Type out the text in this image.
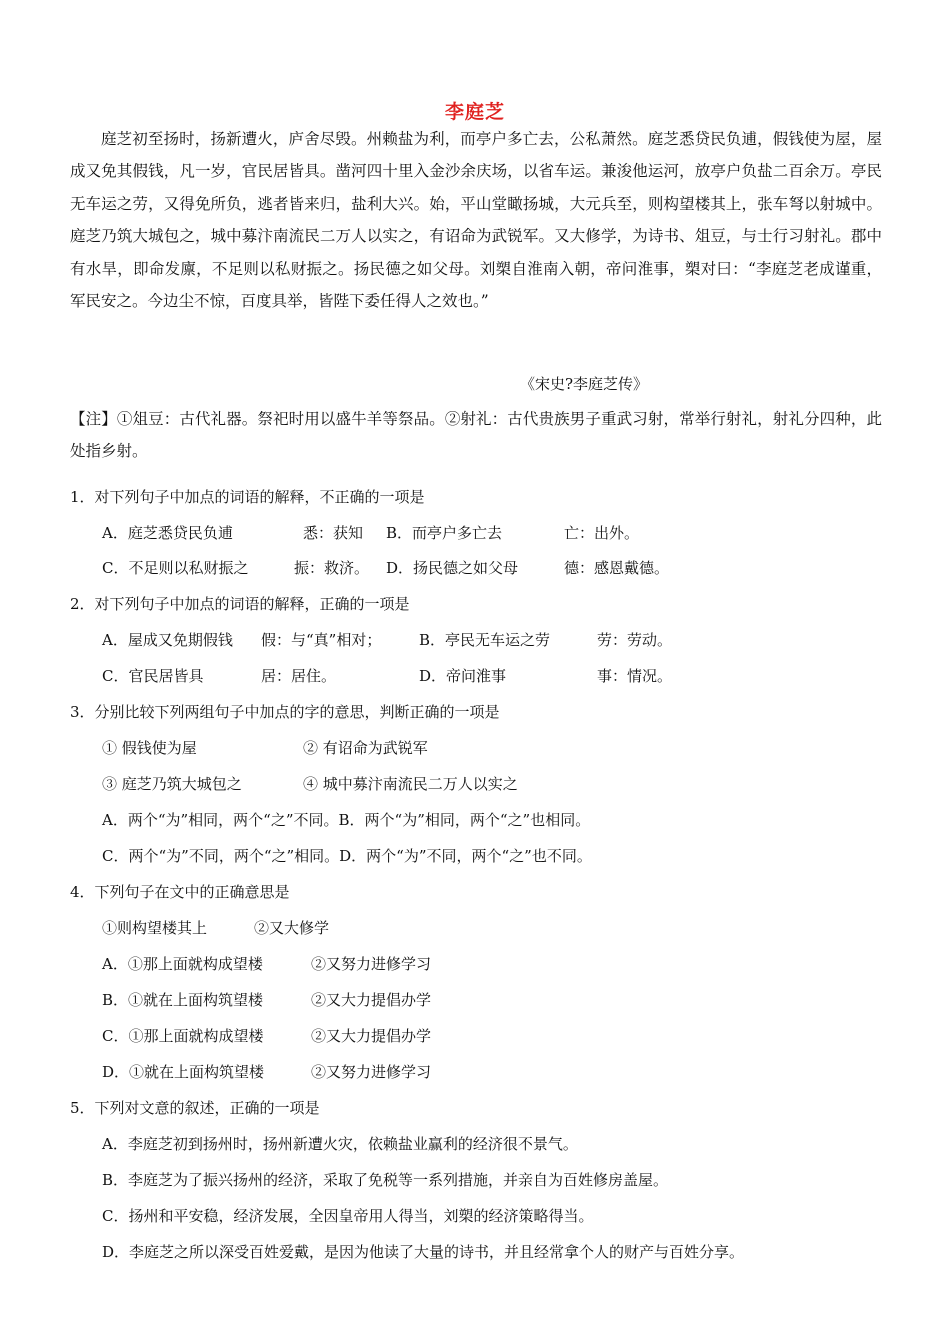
李庭芝

庭芝初至扬时，扬新遭火，庐舍尽毁。州赖盐为利，而亭户多亡去，公私萧然。庭芝悉贷民负逋，假钱使为屋，屋成又免其假钱，凡一岁，官民居皆具。凿河四十里入金沙余庆场，以省车运。兼浚他运河，放亭户负盐二百余万。亭民无车运之劳，又得免所负，逃者皆来归，盐利大兴。始，平山堂瞰扬城，大元兵至，则构望楼其上，张车弩以射城中。庭芝乃筑大城包之，城中募汴南流民二万人以实之，有诏命为武锐军。又大修学，为诗书、俎豆，与士行习射礼。郡中有水旱，即命发廪，不足则以私财振之。扬民德之如父母。刘槊自淮南入朝，帝问淮事，槊对曰：“李庭芝老成谨重，军民安之。今边尘不惊，百度具举，皆陛下委任得人之效也。”

《宋史?李庭芝传》

【注】①俎豆：古代礼器。祭祀时用以盛牛羊等祭品。②射礼：古代贵族男子重武习射，常举行射礼，射礼分四种，此处指乡射。

1．对下列句子中加点的词语的解释，不正确的一项是
A．庭芝悉贷民负逋	悉：获知 B．而亭户多亡去	亡：出外。
C．不足则以私财振之	振：救济。 D．扬民德之如父母	德：感恩戴德。
2．对下列句子中加点的词语的解释，正确的一项是
A．屋成又免期假钱 假：与“真”相对；	B．亭民无车运之劳	劳：劳动。
C．官民居皆具	居：居住。	D．帝问淮事	事：情况。
3．分别比较下列两组句子中加点的字的意思，判断正确的一项是
① 假钱使为屋	② 有诏命为武锐军
③ 庭芝乃筑大城包之	④ 城中募汴南流民二万人以实之
A．两个“为”相同，两个“之”不同。B．两个“为”相同，两个“之”也相同。
C．两个“为”不同，两个“之”相同。D．两个“为”不同，两个“之”也不同。
4．下列句子在文中的正确意思是
①则构望楼其上	②又大修学
A．①那上面就构成望楼	②又努力进修学习
B．①就在上面构筑望楼	②又大力提倡办学
C．①那上面就构成望楼	②又大力提倡办学
D．①就在上面构筑望楼	②又努力进修学习
5．下列对文意的叙述，正确的一项是
A．李庭芝初到扬州时，扬州新遭火灾，依赖盐业赢利的经济很不景气。
B．李庭芝为了振兴扬州的经济，采取了免税等一系列措施，并亲自为百姓修房盖屋。
C．扬州和平安稳，经济发展，全因皇帝用人得当，刘槊的经济策略得当。
D．李庭芝之所以深受百姓爱戴，是因为他读了大量的诗书，并且经常拿个人的财产与百姓分享。
